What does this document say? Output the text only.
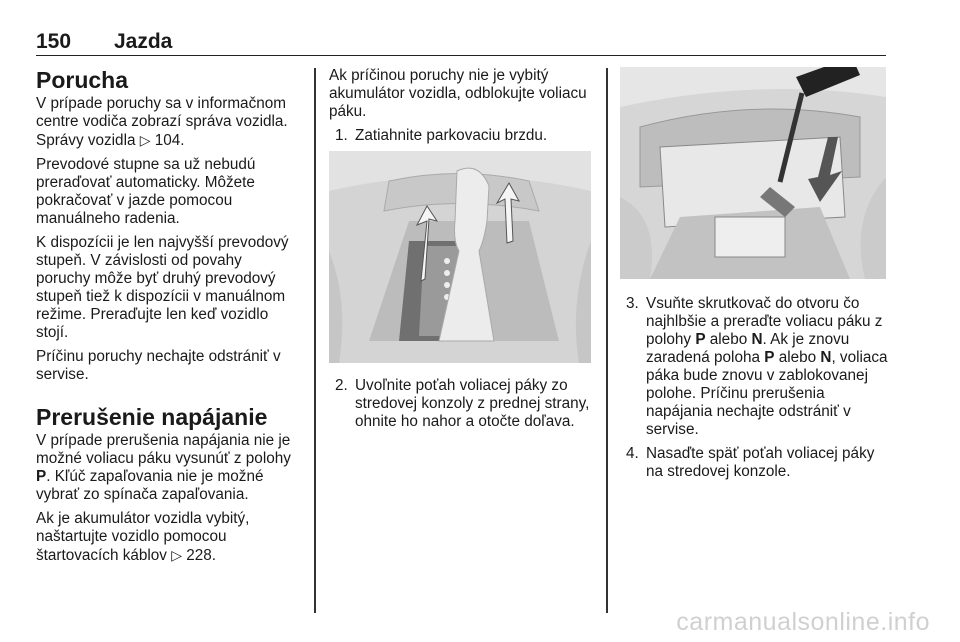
150 Jazda
Porucha

V prípade poruchy sa v informačnom centre vodiča zobrazí správa vozidla. Správy vozidla ▷ 104.

Prevodové stupne sa už nebudú preraďovať automaticky. Môžete pokračovať v jazde pomocou manuálneho radenia.

K dispozícii je len najvyšší prevodový stupeň. V závislosti od povahy poruchy môže byť druhý prevodový stupeň tiež k dispozícii v manuálnom režime. Preraďujte len keď vozidlo stojí.

Príčinu poruchy nechajte odstrániť v servise.

Prerušenie napájanie

V prípade prerušenia napájania nie je možné voliacu páku vysunúť z polohy P. Kľúč zapaľovania nie je možné vybrať zo spínača zapaľovania.

Ak je akumulátor vozidla vybitý, naštartujte vozidlo pomocou štartovacích káblov ▷ 228.

Ak príčinou poruchy nie je vybitý akumulátor vozidla, odblokujte voliacu páku.

1. Zatiahnite parkovaciu brzdu.
2. Uvoľnite poťah voliacej páky zo stredovej konzoly z prednej strany, ohnite ho nahor a otočte doľava.
3. Vsuňte skrutkovač do otvoru čo najhlbšie a preraďte voliacu páku z polohy P alebo N. Ak je znovu zaradená poloha P alebo N, voliaca páka bude znovu v zablokovanej polohe. Príčinu prerušenia napájania nechajte odstrániť v servise.
4. Nasaďte späť poťah voliacej páky na stredovej konzole.
carmanualsonline.info
